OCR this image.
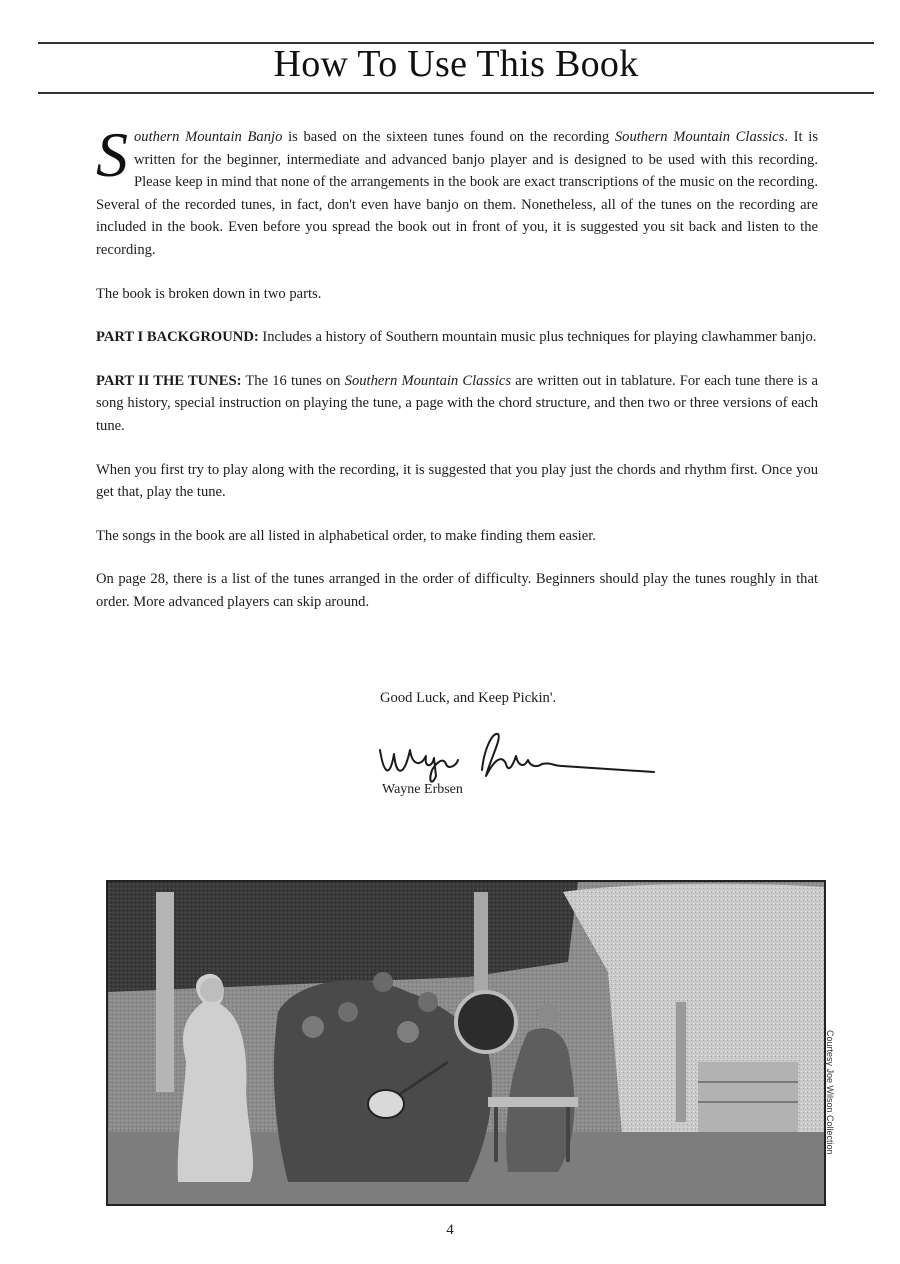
How To Use This Book

Southern Mountain Banjo is based on the sixteen tunes found on the recording Southern Mountain Classics. It is written for the beginner, intermediate and advanced banjo player and is designed to be used with this recording. Please keep in mind that none of the arrangements in the book are exact transcriptions of the music on the recording. Several of the recorded tunes, in fact, don't even have banjo on them. Nonetheless, all of the tunes on the recording are included in the book. Even before you spread the book out in front of you, it is suggested you sit back and listen to the recording.

The book is broken down in two parts.

PART I BACKGROUND: Includes a history of Southern mountain music plus techniques for playing clawhammer banjo.

PART II THE TUNES: The 16 tunes on Southern Mountain Classics are written out in tablature. For each tune there is a song history, special instruction on playing the tune, a page with the chord structure, and then two or three versions of each tune.

When you first try to play along with the recording, it is suggested that you play just the chords and rhythm first. Once you get that, play the tune.

The songs in the book are all listed in alphabetical order, to make finding them easier.

On page 28, there is a list of the tunes arranged in the order of difficulty. Beginners should play the tunes roughly in that order. More advanced players can skip around.

Good Luck, and Keep Pickin'.
Wayne Erbsen
Courtesy Joe Wilson Collection
4
